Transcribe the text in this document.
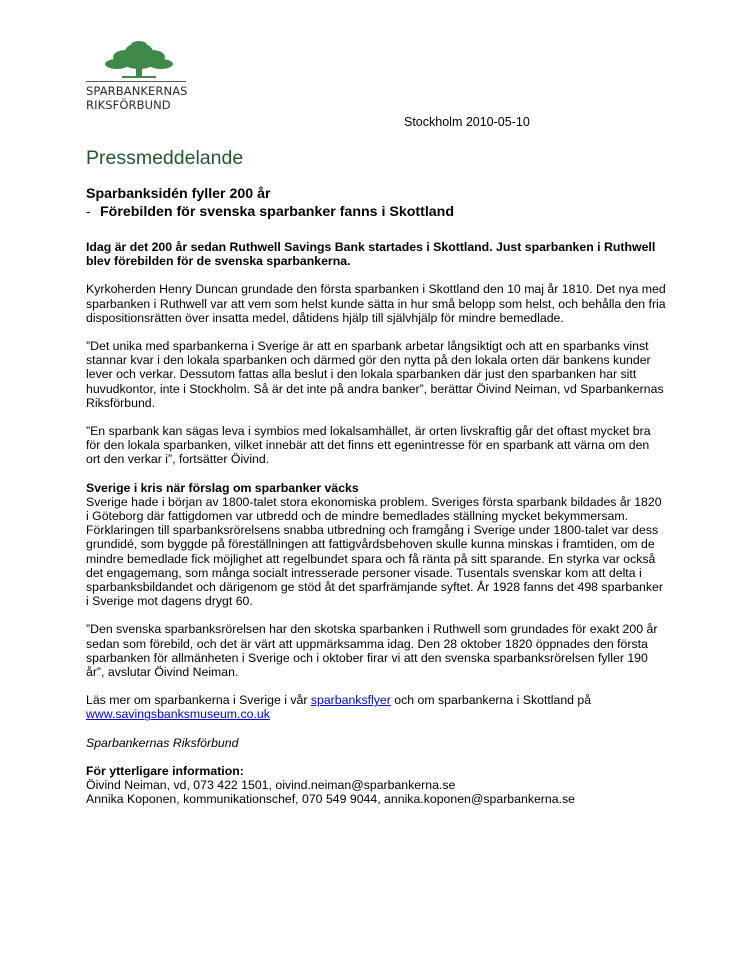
SPARBANKERNAS
RIKSFÖRBUND
Stockholm 2010-05-10
Pressmeddelande
Sparbanksidén fyller 200 år
- Förebilden för svenska sparbanker fanns i Skottland

Idag är det 200 år sedan Ruthwell Savings Bank startades i Skottland. Just sparbanken i Ruthwell blev förebilden för de svenska sparbankerna.

Kyrkoherden Henry Duncan grundade den första sparbanken i Skottland den 10 maj år 1810. Det nya med sparbanken i Ruthwell var att vem som helst kunde sätta in hur små belopp som helst, och behålla den fria dispositionsrätten över insatta medel, dåtidens hjälp till självhjälp för mindre bemedlade.

”Det unika med sparbankerna i Sverige är att en sparbank arbetar långsiktigt och att en sparbanks vinst stannar kvar i den lokala sparbanken och därmed gör den nytta på den lokala orten där bankens kunder lever och verkar. Dessutom fattas alla beslut i den lokala sparbanken där just den sparbanken har sitt huvudkontor, inte i Stockholm. Så är det inte på andra banker”, berättar Öivind Neiman, vd Sparbankernas Riksförbund.

”En sparbank kan sägas leva i symbios med lokalsamhället, är orten livskraftig går det oftast mycket bra för den lokala sparbanken, vilket innebär att det finns ett egenintresse för en sparbank att värna om den ort den verkar i”, fortsätter Öivind.

Sverige i kris när förslag om sparbanker väcks

Sverige hade i början av 1800-talet stora ekonomiska problem. Sveriges första sparbank bildades år 1820 i Göteborg där fattigdomen var utbredd och de mindre bemedlades ställning mycket bekymmersam. Förklaringen till sparbanksrörelsens snabba utbredning och framgång i Sverige under 1800-talet var dess grundidé, som byggde på föreställningen att fattigvårdsbehoven skulle kunna minskas i framtiden, om de mindre bemedlade fick möjlighet att regelbundet spara och få ränta på sitt sparande. En styrka var också det engagemang, som många socialt intresserade personer visade. Tusentals svenskar kom att delta i sparbanksbildandet och därigenom ge stöd åt det sparfrämjande syftet. År 1928 fanns det 498 sparbanker i Sverige mot dagens drygt 60.

”Den svenska sparbanksrörelsen har den skotska sparbanken i Ruthwell som grundades för exakt 200 år sedan som förebild, och det är värt att uppmärksamma idag. Den 28 oktober 1820 öppnades den första sparbanken för allmänheten i Sverige och i oktober firar vi att den svenska sparbanksrörelsen fyller 190 år”, avslutar Öivind Neiman.

Läs mer om sparbankerna i Sverige i vår sparbanksflyer och om sparbankerna i Skottland på
www.savingsbanksmuseum.co.uk

Sparbankernas Riksförbund

För ytterligare information:

Öivind Neiman, vd, 073 422 1501, oivind.neiman@sparbankerna.se

Annika Koponen, kommunikationschef, 070 549 9044, annika.koponen@sparbankerna.se
